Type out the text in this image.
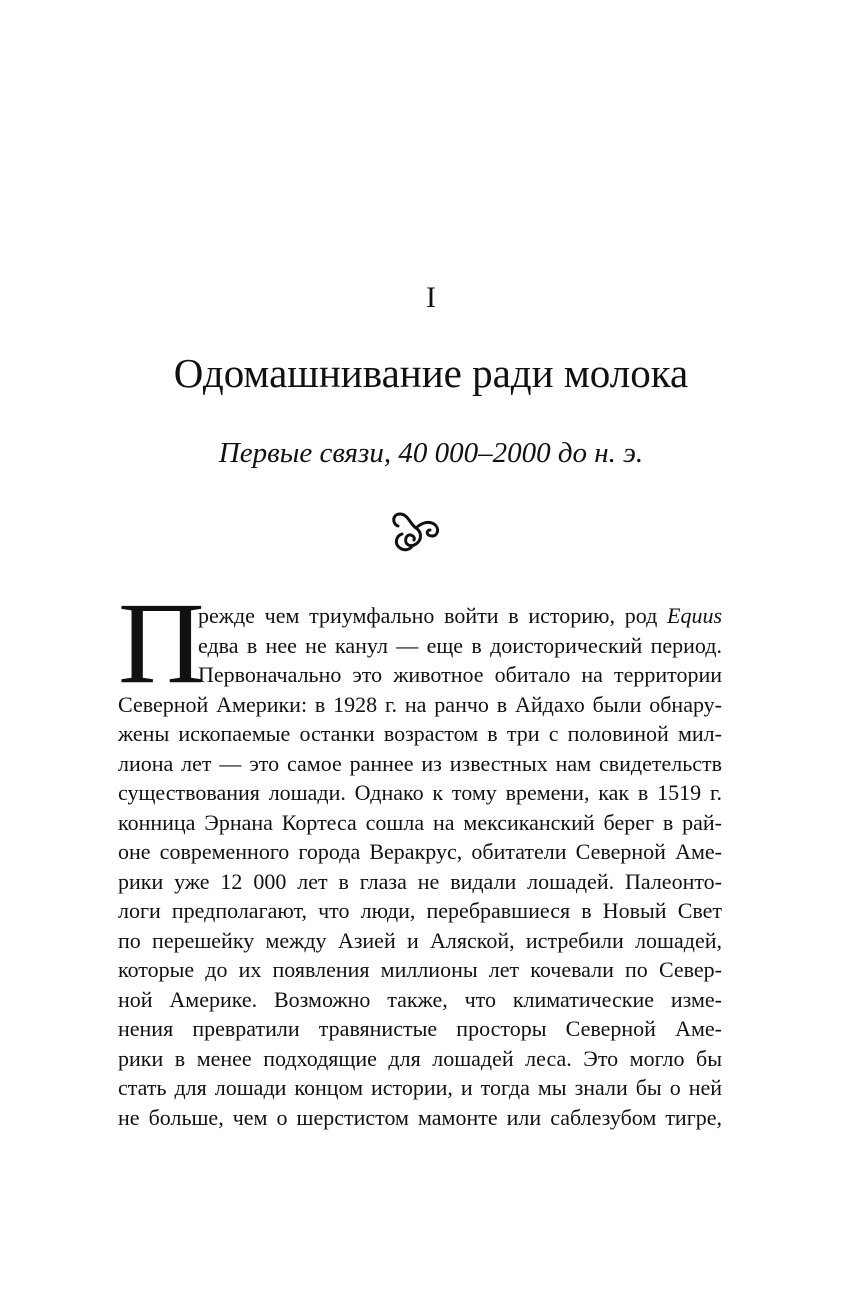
I
Одомашнивание ради молока
Первые связи, 40 000–2000 до н. э.
П
режде чем триумфально войти в историю, род Equus
едва в нее не канул — еще в доисторический период.
Первоначально это животное обитало на территории
Северной Америки: в 1928 г. на ранчо в Айдахо были обнару-
жены ископаемые останки возрастом в три с половиной мил-
лиона лет — это самое раннее из известных нам свидетельств
существования лошади. Однако к тому времени, как в 1519 г.
конница Эрнана Кортеса сошла на мексиканский берег в рай-
оне современного города Веракрус, обитатели Северной Аме-
рики уже 12 000 лет в глаза не видали лошадей. Палеонто-
логи предполагают, что люди, перебравшиеся в Новый Свет
по перешейку между Азией и Аляской, истребили лошадей,
которые до их появления миллионы лет кочевали по Север-
ной Америке. Возможно также, что климатические изме-
нения превратили травянистые просторы Северной Аме-
рики в менее подходящие для лошадей леса. Это могло бы
стать для лошади концом истории, и тогда мы знали бы о ней
не больше, чем о шерстистом мамонте или саблезубом тигре,
